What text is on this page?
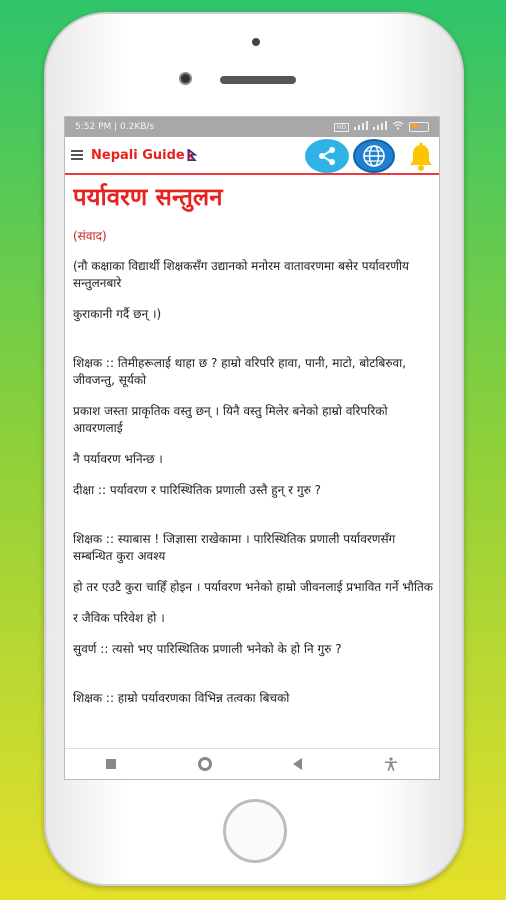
5:52 PM | 0.2KB/s	HD
Nepali Guide
पर्यावरण सन्तुलन

(संवाद)

(नौ कक्षाका विद्यार्थी शिक्षकसँग उद्यानको मनोरम वातावरणमा बसेर पर्यावरणीय सन्तुलनबारे

कुराकानी गर्दै छन् ।)

शिक्षक :: तिमीहरूलाई थाहा छ ? हाम्रो वरिपरि हावा, पानी, माटो, बोटबिरुवा, जीवजन्तु, सूर्यको

प्रकाश जस्ता प्राकृतिक वस्तु छन् । यिनै वस्तु मिलेर बनेको हाम्रो वरिपरिको आवरणलाई

नै पर्यावरण भनिन्छ ।

दीक्षा :: पर्यावरण र पारिस्थितिक प्रणाली उस्तै हुन् र गुरु ?

शिक्षक :: स्याबास ! जिज्ञासा राखेकामा । पारिस्थितिक प्रणाली पर्यावरणसँग सम्बन्धित कुरा अवश्य

हो तर एउटै कुरा चाहिँ होइन । पर्यावरण भनेको हाम्रो जीवनलाई प्रभावित गर्ने भौतिक

र जैविक परिवेश हो ।

सुवर्ण :: त्यसो भए पारिस्थितिक प्रणाली भनेको के हो नि गुरु ?

शिक्षक :: हाम्रो पर्यावरणका विभिन्न तत्वका बिचको
